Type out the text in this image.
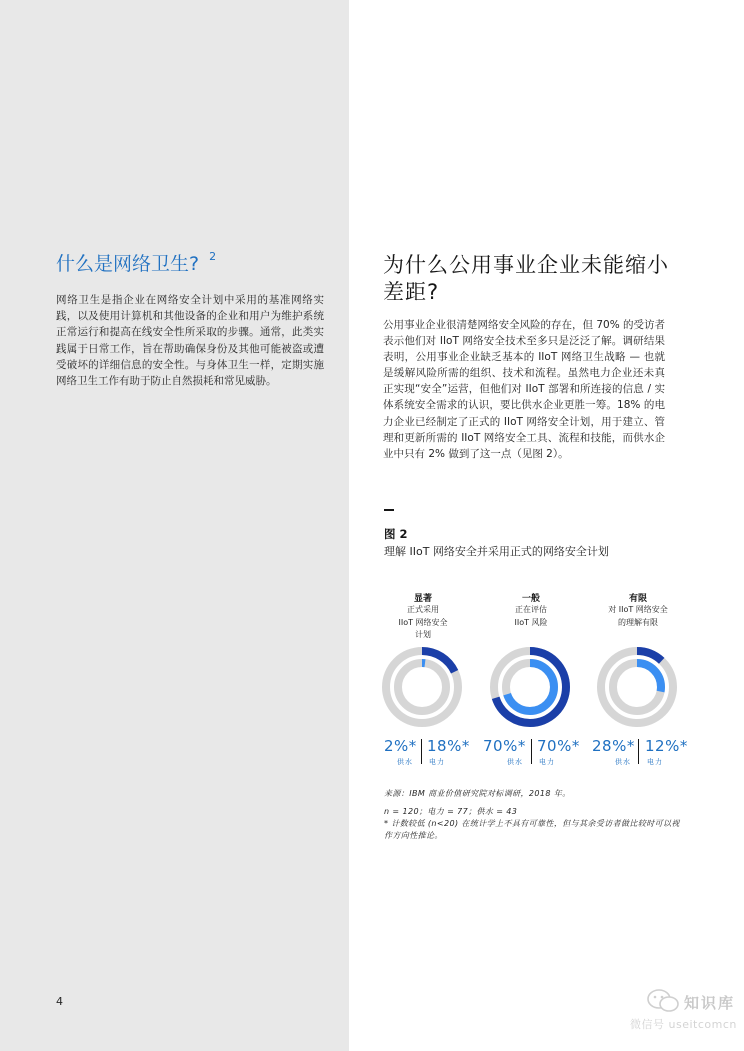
什么是网络卫生? $^2$

网络卫生是指企业在网络安全计划中采用的基准网络实践，以及使用计算机和其他设备的企业和用户为维护系统正常运行和提高在线安全性所采取的步骤。通常，此类实践属于日常工作，旨在帮助确保身份及其他可能被盗或遭受破坏的详细信息的安全性。与身体卫生一样，定期实施网络卫生工作有助于防止自然损耗和常见威胁。

4
为什么公用事业企业未能缩小差距?

公用事业企业很清楚网络安全风险的存在，但 70% 的受访者表示他们对 IIoT 网络安全技术至多只是泛泛了解。调研结果表明，公用事业企业缺乏基本的 IIoT 网络卫生战略 — 也就是缓解风险所需的组织、技术和流程。虽然电力企业还未真正实现“安全”运营，但他们对 IIoT 部署和所连接的信息 / 实体系统安全需求的认识，要比供水企业更胜一筹。18% 的电力企业已经制定了正式的 IIoT 网络安全计划，用于建立、管理和更新所需的 IIoT 网络安全工具、流程和技能，而供水企业中只有 2% 做到了这一点（见图 2）。

图 2
理解 IIoT 网络安全并采用正式的网络安全计划
显著	一般	有限
正式采用
IIoT 网络安全
计划
正在评估
IIoT 风险
对 IIoT 网络安全
的理解有限
2%* 18%*
供水 电力
70%* 70%*
供水 电力
28%* 12%*
供水 电力
来源：IBM 商业价值研究院对标调研，2018 年。
n = 120；电力 = 77；供水 = 43
* 计数较低 (n<20) 在统计学上不具有可靠性，但与其余受访者做比较时可以视作方向性推论。
知识库
微信号 useitcomcn
